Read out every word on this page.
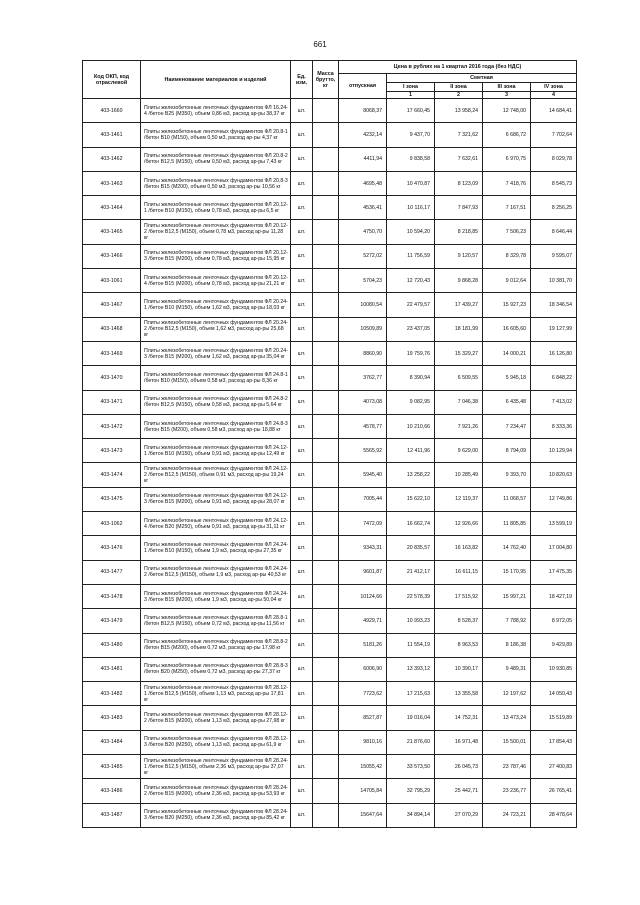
661
Код ОКП, код отраслевой	Наименование материалов и изделий	Ед. изм.	Масса брутто, кг	Цена в рублях на 1 квартал 2016 года (без НДС)					
				отпускная	Сметная				
					I зона	II зона	III зона	IV зона	
					1	2	3	4					
403-1660	Плиты железобетонные ленточных фундаментов ФЛ 16.24-4 /бетон В25 (М350), объем 0,86 м3, расход ар-ры 38,37 кг	шт.		8068,37	17 660,45	13 958,24	12 748,00	14 684,41	
403-1461	Плиты железобетонные ленточных фундаментов ФЛ 20.8-1 /бетон В10 (М150), объем 0,50 м3, расход ар-ры 4,37 кг	шт.		4232,14	9 437,70	7 321,62	6 686,72	7 702,64	
403-1462	Плиты железобетонные ленточных фундаментов ФЛ 20.8-2 /бетон В12,5 (М150), объем 0,50 м3, расход ар-ры 7,43 кг	шт.		4411,94	9 838,58	7 632,61	6 970,75	8 029,78	
403-1463	Плиты железобетонные ленточных фундаментов ФЛ 20.8-3 /бетон В15 (М200), объем 0,50 м3, расход ар-ры 10,56 кг	шт.		4695,48	10 470,87	8 123,09	7 418,76	8 545,73	
403-1464	Плиты железобетонные ленточных фундаментов ФЛ 20.12-1 /бетон В10 (М150), объем 0,78 м3, расход ар-ры 6,5 кг	шт.		4536,41	10 116,17	7 847,93	7 167,51	8 256,25	
403-1465	Плиты железобетонные ленточных фундаментов ФЛ 20.12-2 /бетон В12,5 (М150), объем 0,78 м3, расход ар-ры 11,28 кг	шт.		4750,70	10 594,20	8 218,85	7 506,23	8 646,44	
403-1466	Плиты железобетонные ленточных фундаментов ФЛ 20.12-3 /бетон В15 (М200), объем 0,78 м3, расход ар-ры 15,95 кг	шт.		5272,02	11 756,59	9 120,57	8 329,78	9 595,07	
403-1061	Плиты железобетонные ленточных фундаментов ФЛ 20.12-4 /бетон В15 (М200), объем 0,78 м3, расход ар-ры 21,21 кг	шт.		5704,23	12 720,43	9 868,28	9 012,64	10 381,70	
403-1467	Плиты железобетонные ленточных фундаментов ФЛ 20.24-1 /бетон В10 (М150), объем 1,62 м3, расход ар-ры 18,03 кг	шт.		10080,54	22 479,57	17 439,27	15 927,23	18 346,54	
403-1468	Плиты железобетонные ленточных фундаментов ФЛ 20.24-2 /бетон В12,5 (М150), объем 1,62 м3, расход ар-ры 25,68 кг	шт.		10509,89	23 437,05	18 181,99	16 605,60	19 127,99	
403-1469	Плиты железобетонные ленточных фундаментов ФЛ 20.24-3 /бетон В15 (М200), объем 1,62 м3, расход ар-ры 35,04 кг	шт.		8860,90	19 759,76	15 329,27	14 000,21	16 126,80	
403-1470	Плиты железобетонные ленточных фундаментов ФЛ 24.8-1 /бетон В10 (М150), объем 0,58 м3, расход ар-ры 8,36 кг	шт.		3762,77	8 390,94	6 509,55	5 945,18	6 848,22	
403-1471	Плиты железобетонные ленточных фундаментов ФЛ 24.8-2 /бетон В12,5 (М150), объем 0,58 м3, расход ар-ры 5,64 кг	шт.		4073,08	9 082,95	7 046,38	6 435,48	7 413,02	
403-1472	Плиты железобетонные ленточных фундаментов ФЛ 24.8-3 /бетон В15 (М200), объем 0,58 м3, расход ар-ры 18,88 кг	шт.		4578,77	10 210,66	7 921,26	7 234,47	8 333,36	
403-1473	Плиты железобетонные ленточных фундаментов ФЛ 24.12-1 /бетон В10 (М150), объем 0,91 м3, расход ар-ры 12,49 кг	шт.		5565,92	12 411,96	9 629,00	8 794,09	10 129,94	
403-1474	Плиты железобетонные ленточных фундаментов ФЛ 24.12-2 /бетон В12,5 (М150), объем 0,91 м3, расход ар-ры 19,24 кг	шт.		5945,40	13 258,22	10 285,49	9 393,70	10 820,63	
403-1475	Плиты железобетонные ленточных фундаментов ФЛ 24.12-3 /бетон В15 (М200), объем 0,91 м3, расход ар-ры 28,07 кг	шт.		7005,44	15 622,10	12 119,37	11 068,57	12 749,86	
403-1062	Плиты железобетонные ленточных фундаментов ФЛ 24.12-4 /бетон В20 (М250), объем 0,91 м3, расход ар-ры 31,11 кг	шт.		7472,09	16 662,74	12 926,66	11 805,85	13 599,19	
403-1476	Плиты железобетонные ленточных фундаментов ФЛ 24.24-1 /бетон В10 (М150), объем 1,9 м3, расход ар-ры 27,35 кг	шт.		9343,31	20 835,57	16 163,82	14 762,40	17 004,80	
403-1477	Плиты железобетонные ленточных фундаментов ФЛ 24.24-2 /бетон В12,5 (М150), объем 1,9 м3, расход ар-ры 40,53 кг	шт.		9601,87	21 412,17	16 611,15	15 170,95	17 475,35	
403-1478	Плиты железобетонные ленточных фундаментов ФЛ 24.24-3 /бетон В15 (М200), объем 1,9 м3, расход ар-ры 50,04 кг	шт.		10124,66	22 578,39	17 515,92	15 997,21	18 427,19	
403-1479	Плиты железобетонные ленточных фундаментов ФЛ 28.8-1 /бетон В12,5 (М150), объем 0,72 м3, расход ар-ры 11,56 кг	шт.		4929,71	10 993,23	8 528,37	7 788,92	8 972,05	
403-1480	Плиты железобетонные ленточных фундаментов ФЛ 28.8-2 /бетон В15 (М200), объем 0,72 м3, расход ар-ры 17,98 кг	шт.		5181,26	11 554,19	8 963,53	8 186,38	9 429,89	
403-1481	Плиты железобетонные ленточных фундаментов ФЛ 28.8-3 /бетон В20 (М250), объем 0,72 м3, расход ар-ры 27,37 кг	шт.		6006,90	13 393,12	10 390,17	9 489,31	10 930,85	
403-1482	Плиты железобетонные ленточных фундаментов ФЛ 28.12-1 /бетон В12,5 (М150), объем 1,13 м3, расход ар-ры 17,81 кг	шт.		7723,62	17 215,63	13 355,58	12 197,62	14 050,43	
403-1483	Плиты железобетонные ленточных фундаментов ФЛ 28.12-2 /бетон В15 (М200), объем 1,13 м3, расход ар-ры 27,98 кг	шт.		8527,87	19 016,04	14 752,31	13 473,24	15 519,89	
403-1484	Плиты железобетонные ленточных фундаментов ФЛ 28.12-3 /бетон В20 (М250), объем 1,13 м3, расход ар-ры 61,9 кг	шт.		9810,16	21 876,60	16 971,48	15 500,01	17 854,43	
403-1485	Плиты железобетонные ленточных фундаментов ФЛ 28.24-1 /бетон В12,5 (М150), объем 2,36 м3, расход ар-ры 37,07 кг	шт.		15055,42	33 573,50	26 045,73	23 787,46	27 400,83	
403-1486	Плиты железобетонные ленточных фундаментов ФЛ 28.24-2 /бетон В15 (М200), объем 2,36 м3, расход ар-ры 53,93 кг	шт.		14705,84	32 795,29	25 442,71	23 236,77	26 765,41	
403-1487	Плиты железобетонные ленточных фундаментов ФЛ 28.24-3 /бетон В20 (М250), объем 2,36 м3, расход ар-ры 85,42 кг	шт.		15647,64	34 894,14	27 070,29	24 723,21	28 478,64	
